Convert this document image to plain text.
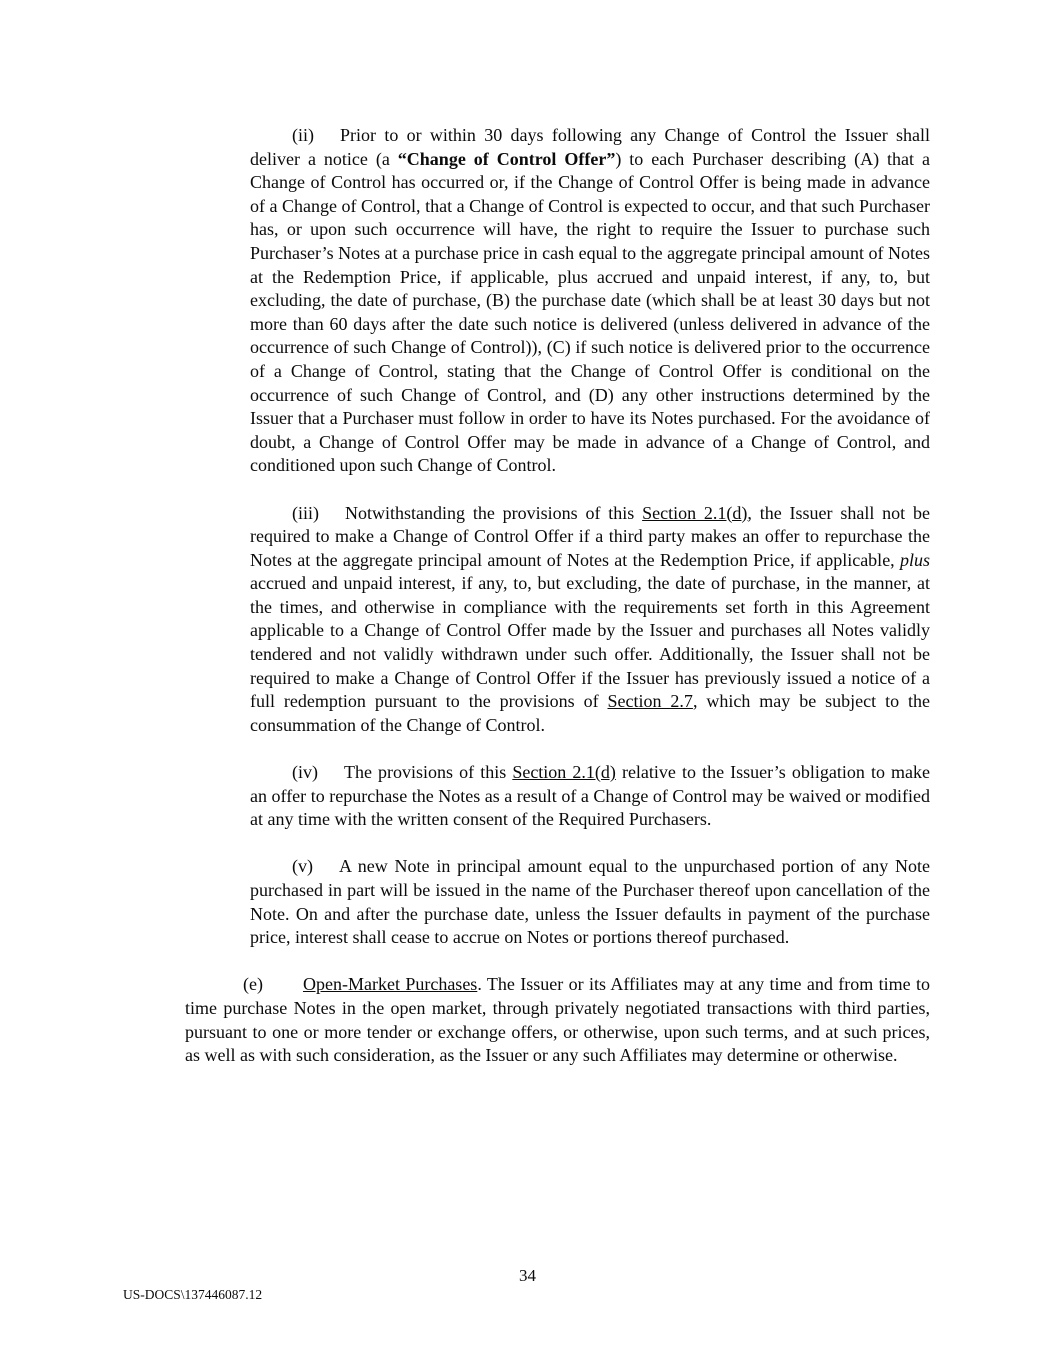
(ii) Prior to or within 30 days following any Change of Control the Issuer shall deliver a notice (a “Change of Control Offer”) to each Purchaser describing (A) that a Change of Control has occurred or, if the Change of Control Offer is being made in advance of a Change of Control, that a Change of Control is expected to occur, and that such Purchaser has, or upon such occurrence will have, the right to require the Issuer to purchase such Purchaser’s Notes at a purchase price in cash equal to the aggregate principal amount of Notes at the Redemption Price, if applicable, plus accrued and unpaid interest, if any, to, but excluding, the date of purchase, (B) the purchase date (which shall be at least 30 days but not more than 60 days after the date such notice is delivered (unless delivered in advance of the occurrence of such Change of Control)), (C) if such notice is delivered prior to the occurrence of a Change of Control, stating that the Change of Control Offer is conditional on the occurrence of such Change of Control, and (D) any other instructions determined by the Issuer that a Purchaser must follow in order to have its Notes purchased. For the avoidance of doubt, a Change of Control Offer may be made in advance of a Change of Control, and conditioned upon such Change of Control.

(iii) Notwithstanding the provisions of this Section 2.1(d), the Issuer shall not be required to make a Change of Control Offer if a third party makes an offer to repurchase the Notes at the aggregate principal amount of Notes at the Redemption Price, if applicable, plus accrued and unpaid interest, if any, to, but excluding, the date of purchase, in the manner, at the times, and otherwise in compliance with the requirements set forth in this Agreement applicable to a Change of Control Offer made by the Issuer and purchases all Notes validly tendered and not validly withdrawn under such offer. Additionally, the Issuer shall not be required to make a Change of Control Offer if the Issuer has previously issued a notice of a full redemption pursuant to the provisions of Section 2.7, which may be subject to the consummation of the Change of Control.

(iv) The provisions of this Section 2.1(d) relative to the Issuer’s obligation to make an offer to repurchase the Notes as a result of a Change of Control may be waived or modified at any time with the written consent of the Required Purchasers.

(v) A new Note in principal amount equal to the unpurchased portion of any Note purchased in part will be issued in the name of the Purchaser thereof upon cancellation of the Note. On and after the purchase date, unless the Issuer defaults in payment of the purchase price, interest shall cease to accrue on Notes or portions thereof purchased.

(e) Open-Market Purchases. The Issuer or its Affiliates may at any time and from time to time purchase Notes in the open market, through privately negotiated transactions with third parties, pursuant to one or more tender or exchange offers, or otherwise, upon such terms, and at such prices, as well as with such consideration, as the Issuer or any such Affiliates may determine or otherwise.

34
US-DOCS\137446087.12
